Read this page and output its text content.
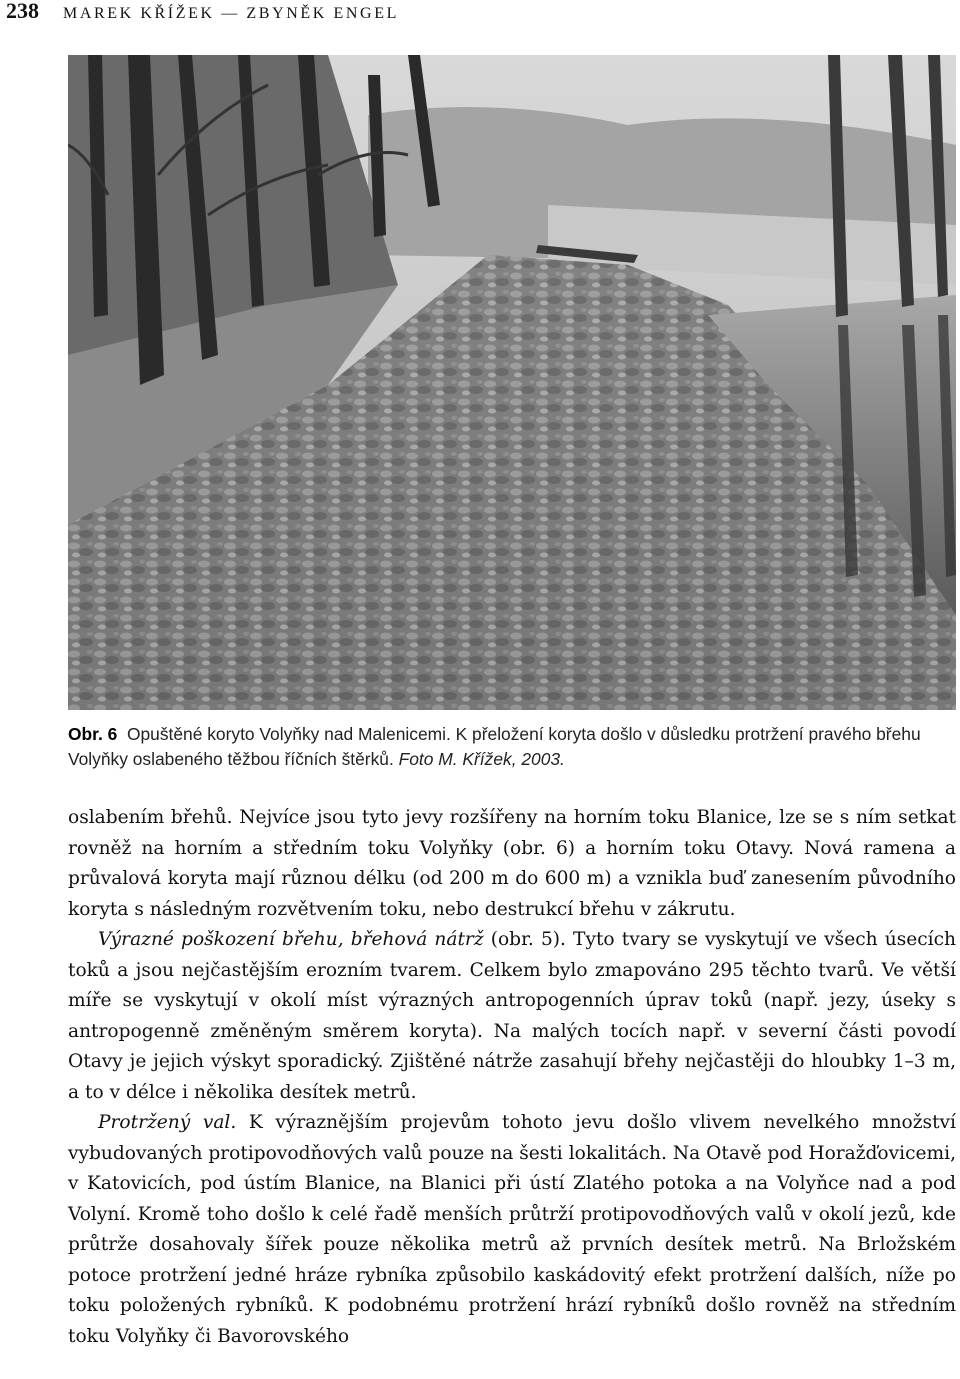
238 MAREK KŘÍŽEK — ZBYNĚK ENGEL
Obr. 6 Opuštěné koryto Volyňky nad Malenicemi. K přeložení koryta došlo v důsledku protržení pravého břehu Volyňky oslabeného těžbou říčních štěrků. Foto M. Křížek, 2003.

oslabením břehů. Nejvíce jsou tyto jevy rozšířeny na horním toku Blanice, lze se s ním setkat rovněž na horním a středním toku Volyňky (obr. 6) a horním toku Otavy. Nová ramena a průvalová koryta mají různou délku (od 200 m do 600 m) a vznikla buď zanesením původního koryta s následným rozvětvením toku, nebo destrukcí břehu v zákrutu.

Výrazné poškození břehu, břehová nátrž (obr. 5). Tyto tvary se vyskytují ve všech úsecích toků a jsou nejčastějším erozním tvarem. Celkem bylo zmapováno 295 těchto tvarů. Ve větší míře se vyskytují v okolí míst výrazných antropogenních úprav toků (např. jezy, úseky s antropogenně změněným směrem koryta). Na malých tocích např. v severní části povodí Otavy je jejich výskyt sporadický. Zjištěné nátrže zasahují břehy nejčastěji do hloubky 1–3 m, a to v délce i několika desítek metrů.

Protržený val. K výraznějším projevům tohoto jevu došlo vlivem nevelkého množství vybudovaných protipovodňových valů pouze na šesti lokalitách. Na Otavě pod Horažďovicemi, v Katovicích, pod ústím Blanice, na Blanici při ústí Zlatého potoka a na Volyňce nad a pod Volyní. Kromě toho došlo k celé řadě menších průtrží protipovodňových valů v okolí jezů, kde průtrže dosahovaly šířek pouze několika metrů až prvních desítek metrů. Na Brložském potoce protržení jedné hráze rybníka způsobilo kaskádovitý efekt protržení dalších, níže po toku položených rybníků. K podobnému protržení hrází rybníků došlo rovněž na středním toku Volyňky či Bavorovského
